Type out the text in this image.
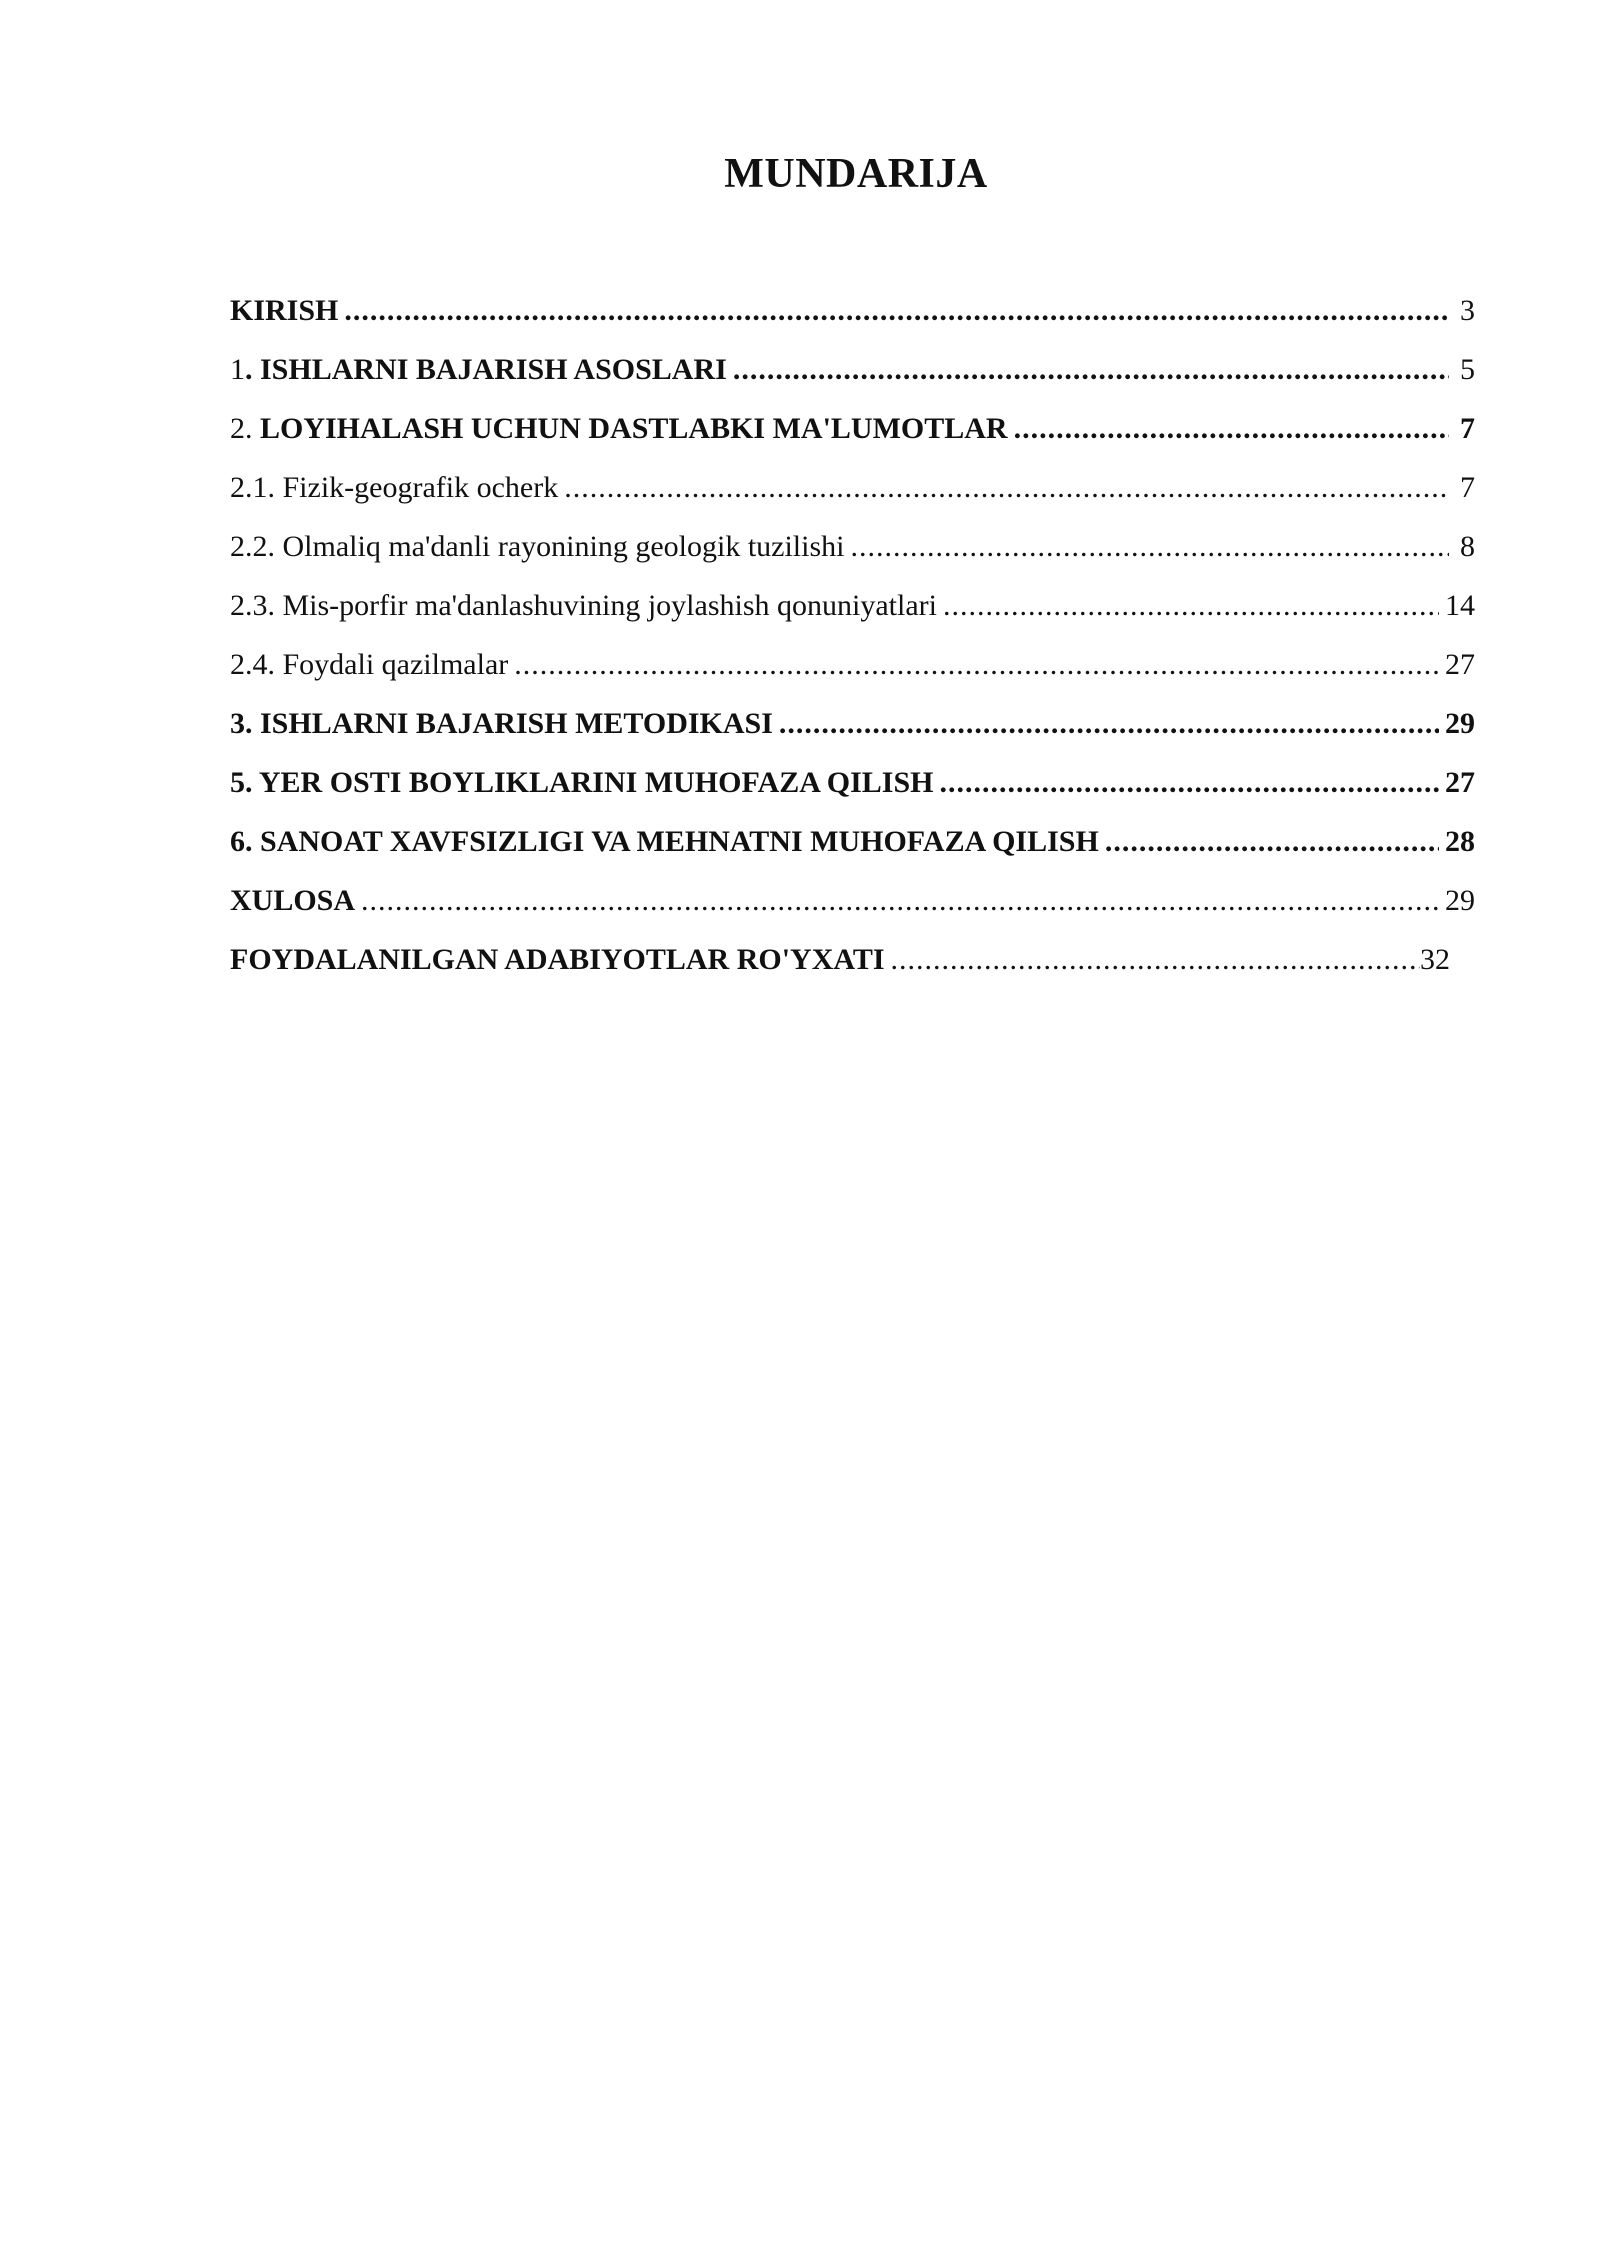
MUNDARIJA
KIRISH .....	3
1. ISHLARNI BAJARISH ASOSLARI .....	5
2. LOYIHALASH UCHUN DASTLABKI MA'LUMOTLAR .....	7
2.1. Fizik-geografik ocherk .....	7
2.2. Olmaliq ma'danli rayonining geologik tuzilishi .....	8
2.3. Mis-porfir ma'danlashuvining joylashish qonuniyatlari .....	14
2.4. Foydali qazilmalar .....	27
3. ISHLARNI BAJARISH METODIKASI .....	29
5. YER OSTI BOYLIKLARINI MUHOFAZA QILISH .....	27
6. SANOAT XAVFSIZLIGI VA MEHNATNI MUHOFAZA QILISH .....	28
XULOSA .....	29
FOYDALANILGAN ADABIYOTLAR RO'YXATI .....	32
